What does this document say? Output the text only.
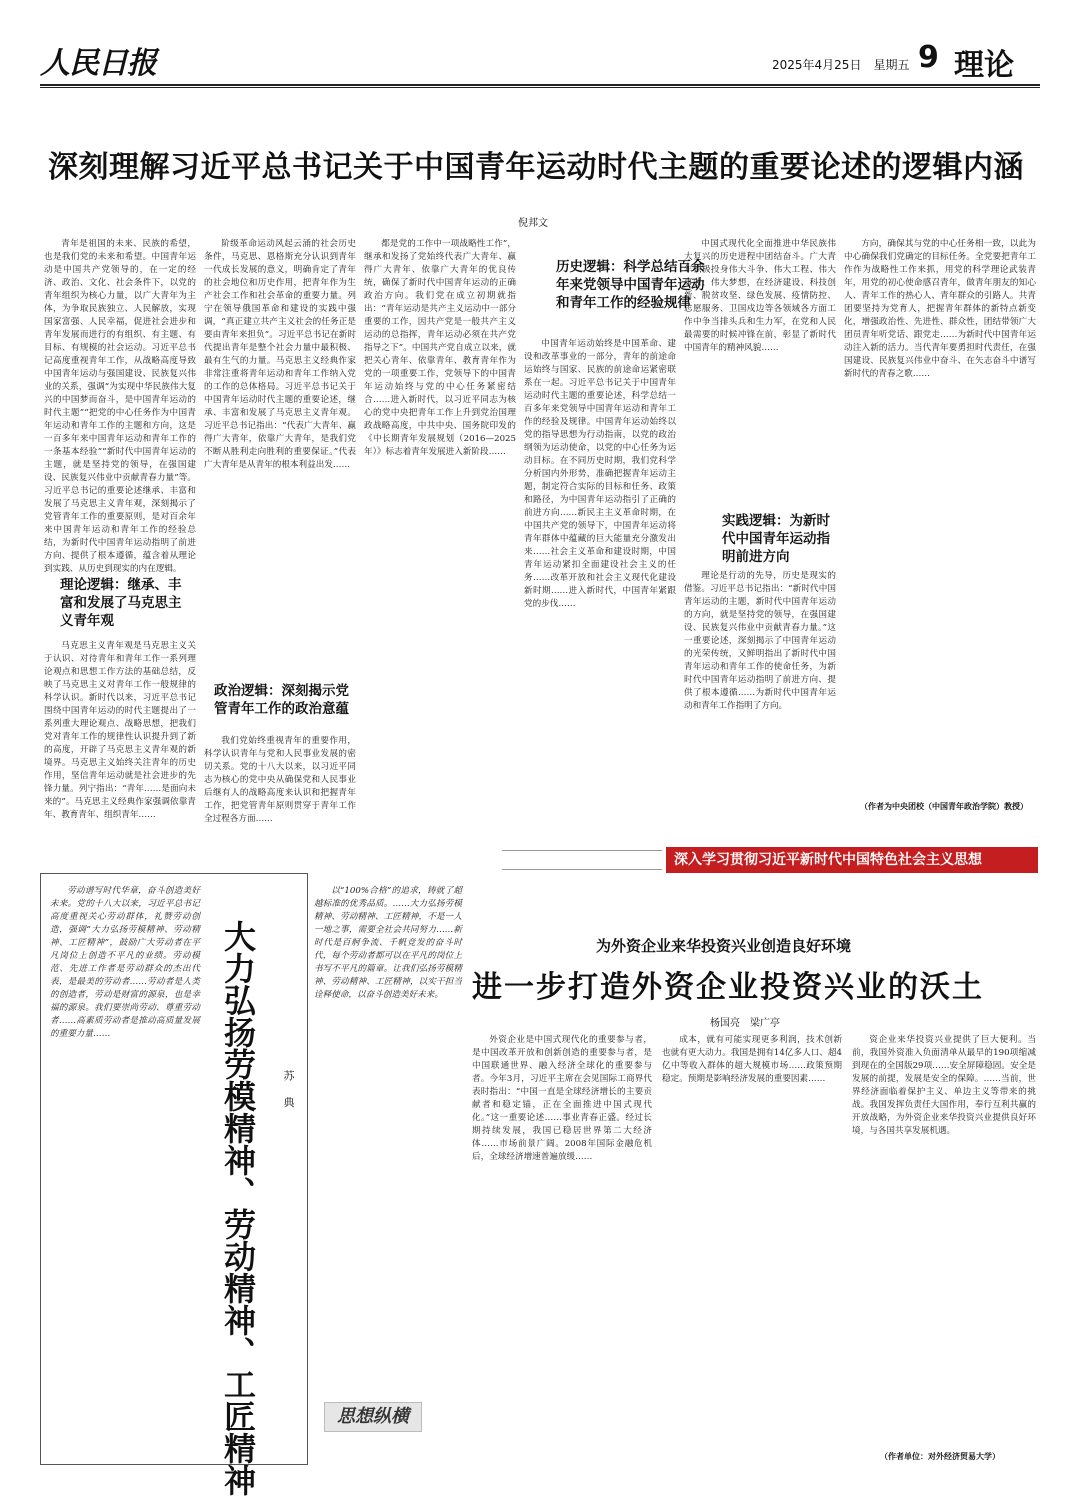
人民日报	2025年4月25日　星期五 9 理论
深刻理解习近平总书记关于中国青年运动时代主题的重要论述的逻辑内涵
倪邦文

青年是祖国的未来、民族的希望，也是我们党的未来和希望。中国青年运动是中国共产党领导的，在一定的经济、政治、文化、社会条件下，以党的青年组织为核心力量，以广大青年为主体，为争取民族独立、人民解放，实现国家富强、人民幸福，促进社会进步和青年发展而进行的有组织、有主题、有目标、有规模的社会运动。习近平总书记高度重视青年工作，从战略高度导致中国青年运动与强国建设、民族复兴伟业的关系，强调“为实现中华民族伟大复兴的中国梦而奋斗，是中国青年运动的时代主题”“把党的中心任务作为中国青年运动和青年工作的主题和方向，这是一百多年来中国青年运动和青年工作的一条基本经验”“新时代中国青年运动的主题，就是坚持党的领导，在强国建设、民族复兴伟业中贡献青春力量”等。习近平总书记的重要论述继承、丰富和发展了马克思主义青年观，深刻揭示了党管青年工作的重要原则，是对百余年来中国青年运动和青年工作的经验总结，为新时代中国青年运动指明了前进方向、提供了根本遵循，蕴含着从理论到实践、从历史到现实的内在逻辑。

理论逻辑：继承、丰富和发展了马克思主义青年观

马克思主义青年观是马克思主义关于认识、对待青年和青年工作一系列理论观点和思想工作方法的基础总结，反映了马克思主义对青年工作一般规律的科学认识。新时代以来，习近平总书记围绕中国青年运动的时代主题提出了一系列重大理论观点、战略思想，把我们党对青年工作的规律性认识提升到了新的高度，开辟了马克思主义青年观的新境界。马克思主义始终关注青年的历史作用，坚信青年运动就是社会进步的先锋力量。列宁指出：“青年……是面向未来的”。马克思主义经典作家强调依靠青年、教育青年、组织青年……

阶级革命运动风起云涌的社会历史条件，马克思、恩格斯充分认识到青年一代成长发展的意义，明确肯定了青年的社会地位和历史作用，把青年作为生产社会工作和社会革命的重要力量。列宁在领导俄国革命和建设的实践中强调，“真正建立共产主义社会的任务正是要由青年来担负”。习近平总书记在新时代提出青年是整个社会力量中最积极、最有生气的力量。马克思主义经典作家非常注重将青年运动和青年工作纳入党的工作的总体格局。习近平总书记关于中国青年运动时代主题的重要论述，继承、丰富和发展了马克思主义青年观。习近平总书记指出：“代表广大青年、赢得广大青年，依靠广大青年，是我们党不断从胜利走向胜利的重要保证。”代表广大青年是从青年的根本利益出发……

政治逻辑：深刻揭示党管青年工作的政治意蕴

我们党始终重视青年的重要作用，科学认识青年与党和人民事业发展的密切关系。党的十八大以来，以习近平同志为核心的党中央从确保党和人民事业后继有人的战略高度来认识和把握青年工作，把党管青年原则贯穿于青年工作全过程各方面……

都是党的工作中一项战略性工作”，继承和发扬了党始终代表广大青年、赢得广大青年、依靠广大青年的优良传统，确保了新时代中国青年运动的正确政治方向。我们党在成立初期就指出：“青年运动是共产主义运动中一部分重要的工作，因共产党是一般共产主义运动的总指挥，青年运动必须在共产党指导之下”。中国共产党自成立以来，就把关心青年、依靠青年、教育青年作为党的一项重要工作，党领导下的中国青年运动始终与党的中心任务紧密结合……进入新时代，以习近平同志为核心的党中央把青年工作上升到党治国理政战略高度，中共中央、国务院印发的《中长期青年发展规划（2016—2025年）》标志着青年发展进入新阶段……

历史逻辑：科学总结百余年来党领导中国青年运动和青年工作的经验规律

中国青年运动始终是中国革命、建设和改革事业的一部分，青年的前途命运始终与国家、民族的前途命运紧密联系在一起。习近平总书记关于中国青年运动时代主题的重要论述，科学总结一百多年来党领导中国青年运动和青年工作的经验及规律。中国青年运动始终以党的指导思想为行动指南，以党的政治纲领为运动使命，以党的中心任务为运动目标。在不同历史时期，我们党科学分析国内外形势，准确把握青年运动主题，制定符合实际的目标和任务、政策和路径，为中国青年运动指引了正确的前进方向……新民主主义革命时期，在中国共产党的领导下，中国青年运动将青年群体中蕴藏的巨大能量充分激发出来……社会主义革命和建设时期，中国青年运动紧扣全面建设社会主义的任务……改革开放和社会主义现代化建设新时期……进入新时代，中国青年紧跟党的步伐……

中国式现代化全面推进中华民族伟大复兴的历史进程中团结奋斗。广大青年积极投身伟大斗争、伟大工程、伟大事业、伟大梦想，在经济建设、科技创新、脱贫攻坚、绿色发展、疫情防控、志愿服务、卫国戍边等各领域各方面工作中争当排头兵和生力军，在党和人民最需要的时候冲锋在前，彰显了新时代中国青年的精神风貌……

实践逻辑：为新时代中国青年运动指明前进方向

理论是行动的先导，历史是现实的借鉴。习近平总书记指出：“新时代中国青年运动的主题，新时代中国青年运动的方向，就是坚持党的领导，在强国建设、民族复兴伟业中贡献青春力量。”这一重要论述，深刻揭示了中国青年运动的光荣传统，又鲜明指出了新时代中国青年运动和青年工作的使命任务，为新时代中国青年运动指明了前进方向、提供了根本遵循……为新时代中国青年运动和青年工作指明了方向。

方向，确保其与党的中心任务相一致，以此为中心确保我们党确定的目标任务。全党要把青年工作作为战略性工作来抓，用党的科学理论武装青年，用党的初心使命感召青年，做青年朋友的知心人、青年工作的热心人、青年群众的引路人。共青团要坚持为党育人，把握青年群体的新特点新变化，增强政治性、先进性、群众性，团结带领广大团员青年听党话、跟党走……为新时代中国青年运动注入新的活力。当代青年要勇担时代责任，在强国建设、民族复兴伟业中奋斗、在矢志奋斗中谱写新时代的青春之歌……

（作者为中央团校（中国青年政治学院）教授）
深入学习贯彻习近平新时代中国特色社会主义思想

劳动谱写时代华章，奋斗创造美好未来。党的十八大以来，习近平总书记高度重视关心劳动群体，礼赞劳动创造，强调“大力弘扬劳模精神、劳动精神、工匠精神”，鼓励广大劳动者在平凡岗位上创造不平凡的业绩。劳动模范、先进工作者是劳动群众的杰出代表，是最美的劳动者……劳动者是人类的创造者，劳动是财富的源泉，也是幸福的源泉。我们要崇尚劳动、尊重劳动者……高素质劳动者是推动高质量发展的重要力量……	大力弘扬劳模精神、劳动精神、工匠精神 苏 典

以“100%合格”的追求，铸就了超越标准的优秀品质。……大力弘扬劳模精神、劳动精神、工匠精神，不是一人一地之事，需要全社会共同努力……新时代是百舸争流、千帆竞发的奋斗时代，每个劳动者都可以在平凡的岗位上书写不平凡的篇章。让我们弘扬劳模精神、劳动精神、工匠精神，以实干担当诠释使命，以奋斗创造美好未来。

思想纵横
为外资企业来华投资兴业创造良好环境
进一步打造外资企业投资兴业的沃土
杨国亮　梁广亭

外资企业是中国式现代化的重要参与者，是中国改革开放和创新创造的重要参与者，是中国联通世界、融入经济全球化的重要参与者。今年3月，习近平主席在会见国际工商界代表时指出：“中国一直是全球经济增长的主要贡献者和稳定锚，正在全面推进中国式现代化。”这一重要论述……事业青春正盛。经过长期持续发展，我国已稳居世界第二大经济体……市场前景广阔。2008年国际金融危机后，全球经济增速普遍放缓……

成本，就有可能实现更多利润，技术创新也就有更大动力。我国是拥有14亿多人口、超4亿中等收入群体的超大规模市场……政策预期稳定。预期是影响经济发展的重要因素……

资企业来华投资兴业提供了巨大便利。当前，我国外资准入负面清单从最早的190项缩减到现在的全国版29项……安全屏障稳固。安全是发展的前提，发展是安全的保障。……当前，世界经济面临着保护主义、单边主义等带来的挑战。我国发挥负责任大国作用，奉行互利共赢的开放战略，为外资企业来华投资兴业提供良好环境，与各国共享发展机遇。

（作者单位：对外经济贸易大学）
